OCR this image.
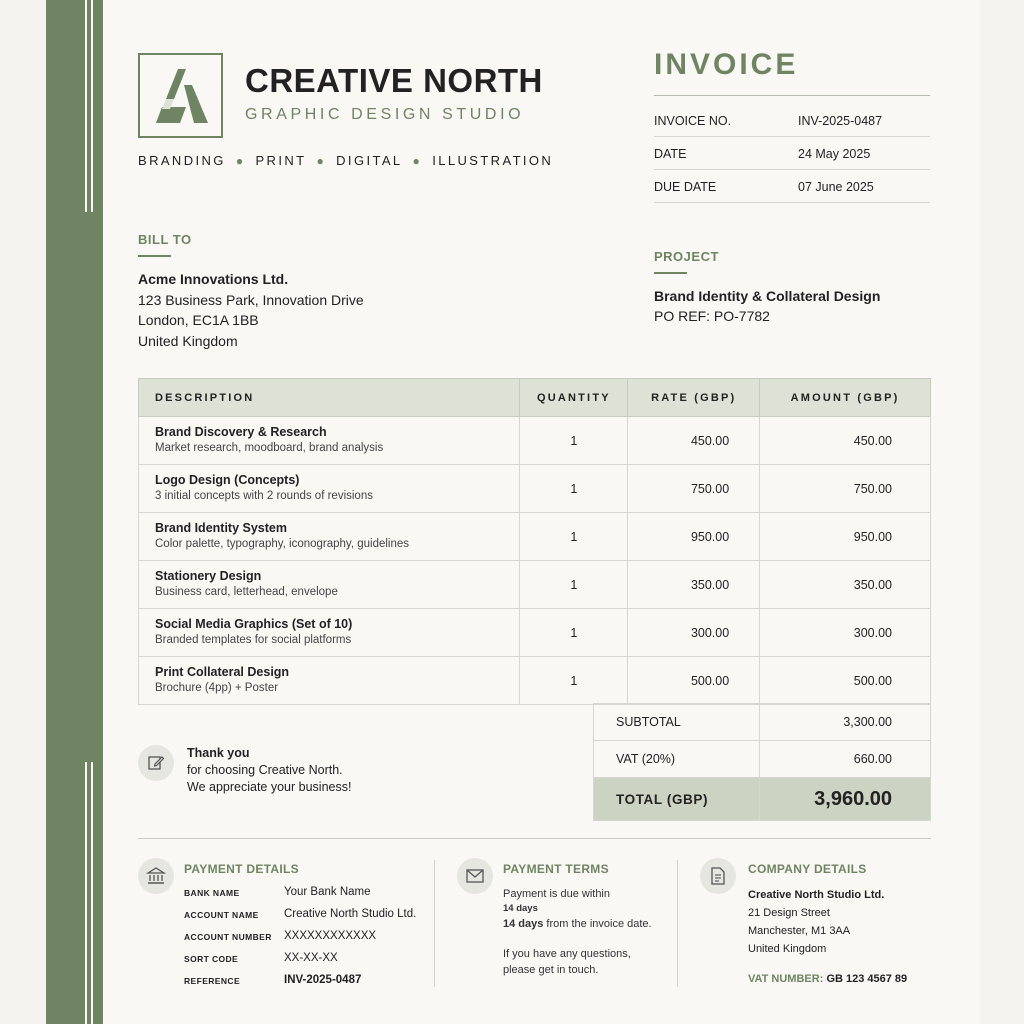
CREATIVE NORTH
GRAPHIC DESIGN STUDIO
BRANDING ● PRINT ● DIGITAL ● ILLUSTRATION
INVOICE
INVOICE NO.	INV-2025-0487
DATE	24 May 2025
DUE DATE	07 June 2025
BILL TO
Acme Innovations Ltd.
123 Business Park, Innovation Drive
London, EC1A 1BB
United Kingdom
PROJECT
Brand Identity & Collateral Design
PO REF: PO-7782
DESCRIPTION	QUANTITY	RATE (GBP)	AMOUNT (GBP)

Brand Discovery & Research
Market research, moodboard, brand analysis	1	450.00	450.00

Logo Design (Concepts)
3 initial concepts with 2 rounds of revisions	1	750.00	750.00

Brand Identity System
Color palette, typography, iconography, guidelines	1	950.00	950.00

Stationery Design
Business card, letterhead, envelope	1	350.00	350.00

Social Media Graphics (Set of 10)
Branded templates for social platforms	1	300.00	300.00

Print Collateral Design
Brochure (4pp) + Poster	1	500.00	500.00
SUBTOTAL	3,300.00
VAT (20%)	660.00
TOTAL (GBP)	3,960.00
Thank you
for choosing Creative North.
We appreciate your business!
PAYMENT DETAILS
BANK NAME	Your Bank Name
ACCOUNT NAME Creative North Studio Ltd.
ACCOUNT NUMBER XXXXXXXXXXXX
SORT CODE	XX-XX-XX
REFERENCE	INV-2025-0487
PAYMENT TERMS
Payment is due within
14 days
14 days from the invoice date.
If you have any questions,
please get in touch.
COMPANY DETAILS
Creative North Studio Ltd.
21 Design Street
Manchester, M1 3AA
United Kingdom
VAT NUMBER: GB 123 4567 89
